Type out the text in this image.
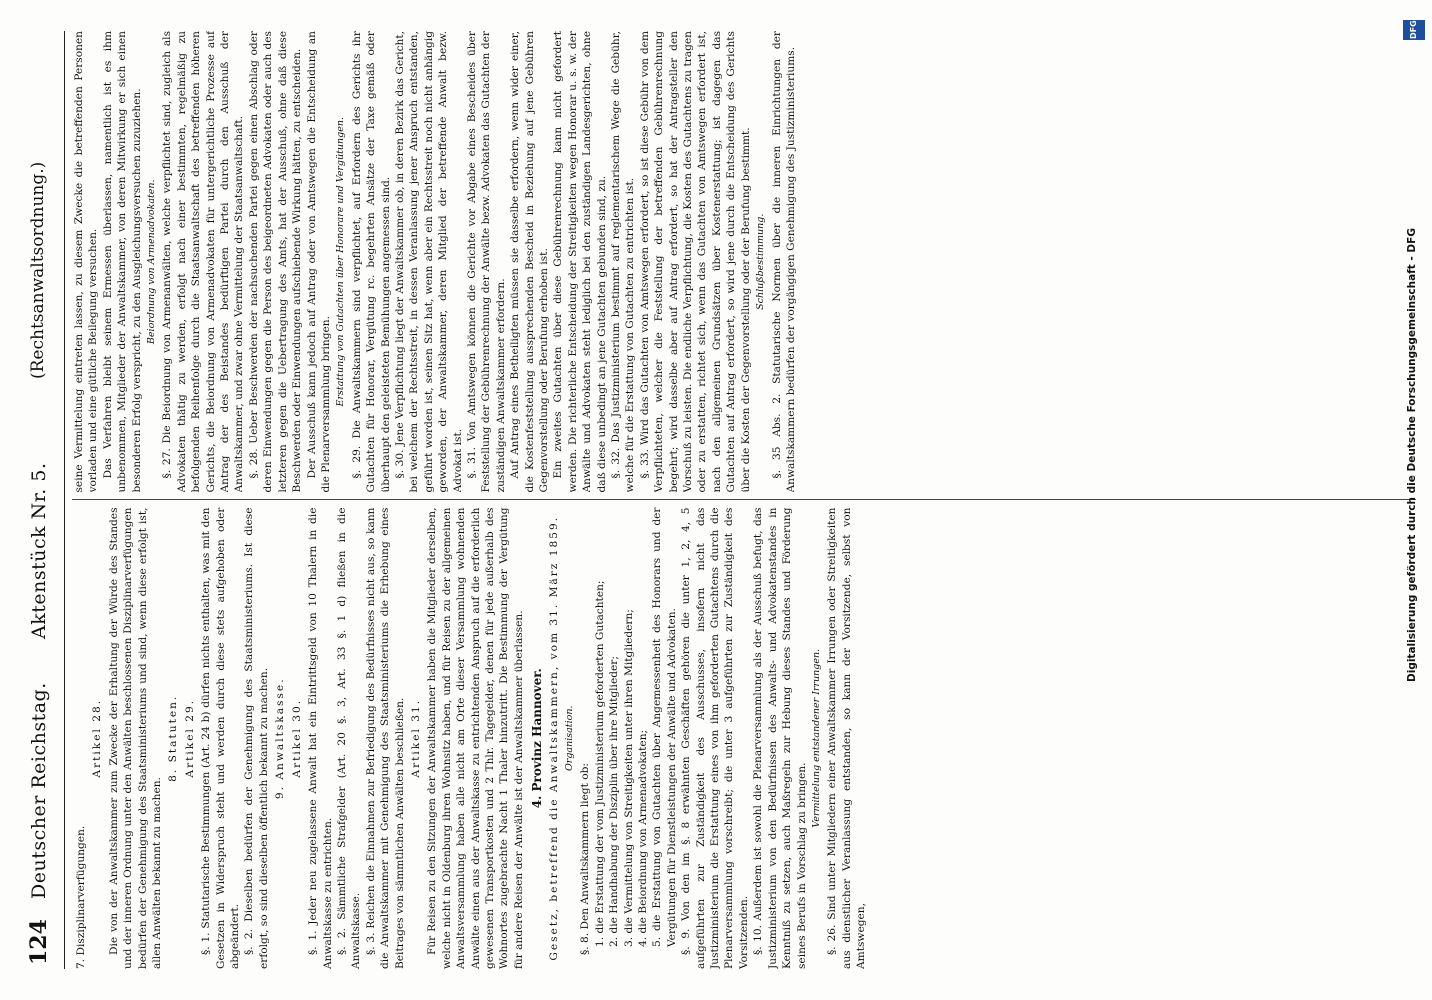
124
Deutscher Reichstag.
Aktenstück Nr. 5.
(Rechtsanwaltsordnung.)

7. Disziplinarverfügungen.

Artikel 28. Die von der Anwaltskammer zum Zwecke der Erhaltung der Würde des Standes und der inneren Ordnung unter den Anwälten beschlossenen Disziplinarverfügungen bedürfen der Genehmigung des Staatsministeriums und sind, wenn diese erfolgt ist, allen Anwälten bekannt zu machen.

8. Statuten. Artikel 29. §. 1. Statutarische Bestimmungen (Art. 24 b) dürfen nichts enthalten, was mit den Gesetzen in Widerspruch steht und werden durch diese stets aufgehoben oder abgeändert. §. 2. Dieselben bedürfen der Genehmigung des Staatsministeriums. Ist diese erfolgt, so sind dieselben öffentlich bekannt zu machen. 9. Anwaltskasse. Artikel 30. §. 1. Jeder neu zugelassene Anwalt hat ein Eintrittsgeld von 10 Thalern in die Anwaltskasse zu entrichten. §. 2. Sämmtliche Strafgelder (Art. 20 §. 3, Art. 33 §. 1 d) fließen in die Anwaltskasse. §. 3. Reichen die Einnahmen zur Befriedigung des Bedürfnisses nicht aus, so kann die Anwaltskammer mit Genehmigung des Staatsministeriums die Erhebung eines Beitrages von sämmtlichen Anwälten beschließen. Artikel 31. Für Reisen zu den Sitzungen der Anwaltskammer haben die Mitglieder derselben, welche nicht in Oldenburg ihren Wohnsitz haben, und für Reisen zu der allgemeinen Anwaltsversammlung haben alle nicht am Orte dieser Versammlung wohnenden Anwälte einen aus der Anwaltskasse zu entrichtenden Anspruch auf die erforderlich gewesenen Transportkosten und 2 Thlr. Tagegelder, denen für jede außerhalb des Wohnortes zugebrachte Nacht 1 Thaler hinzutritt. Die Bestimmung der Vergütung für andere Reisen der Anwälte ist der Anwaltskammer überlassen. 4. Provinz Hannover. Gesetz, betreffend die Anwaltskammern, vom 31. März 1859. Organisation.

§. 8. Den Anwaltskammern liegt ob: 1. die Erstattung der vom Justizministerium geforderten Gutachten; 2. die Handhabung der Disziplin über ihre Mitglieder; 3. die Vermittelung von Streitigkeiten unter ihren Mitgliedern; 4. die Beiordnung von Armenadvokaten; 5. die Erstattung von Gutachten über Angemessenheit des Honorars und der Vergütungen für Dienstleistungen der Anwälte und Advokaten. §. 9. Von den im §. 8 erwähnten Geschäften gehören die unter 1, 2, 4, 5 aufgeführten zur Zuständigkeit des Ausschusses, insofern nicht das Justizministerium die Erstattung eines von ihm geforderten Gutachtens durch die Plenarversammlung vorschreibt; die unter 3 aufgeführten zur Zuständigkeit des Vorsitzenden. §. 10. Außerdem ist sowohl die Plenarversammlung als der Ausschuß befugt, das Justizministerium von den Bedürfnissen des Anwalts- und Advokatenstandes in Kenntniß zu setzen, auch Maßregeln zur Hebung dieses Standes und Förderung seines Berufs in Vorschlag zu bringen.

Vermittelung entstandener Irrungen. §. 26. Sind unter Mitgliedern einer Anwaltskammer Irrungen oder Streitigkeiten aus dienstlicher Veranlassung entstanden, so kann der Vorsitzende, selbst von Amtswegen,

seine Vermittelung eintreten lassen, zu diesem Zwecke die betreffenden Personen vorladen und eine gütliche Beilegung versuchen. Das Verfahren bleibt seinem Ermessen überlassen, namentlich ist es ihm unbenommen, Mitglieder der Anwaltskammer, von deren Mitwirkung er sich einen besonderen Erfolg verspricht, zu den Ausgleichungsversuchen zuzuziehen. Beiordnung von Armenadvokaten. §. 27. Die Beiordnung von Armenanwälten, welche verpflichtet sind, zugleich als Advokaten thätig zu werden, erfolgt nach einer bestimmten, regelmäßig zu befolgenden Reihenfolge durch die Staatsanwaltschaft des betreffenden höheren Gerichts, die Beiordnung von Armenadvokaten für untergerichtliche Prozesse auf Antrag der des Beistandes bedürftigen Partei durch den Ausschuß der Anwaltskammer, und zwar ohne Vermittelung der Staatsanwaltschaft. §. 28. Ueber Beschwerden der nachsuchenden Partei gegen einen Abschlag oder deren Einwendungen gegen die Person des beigeordneten Advokaten oder auch des letzteren gegen die Uebertragung des Amts, hat der Ausschuß, ohne daß diese Beschwerden oder Einwendungen aufschiebende Wirkung hätten, zu entscheiden. Der Ausschuß kann jedoch auf Antrag oder von Amtswegen die Entscheidung an die Plenarversammlung bringen. Erstattung von Gutachten über Honorare und Vergütungen. §. 29. Die Anwaltskammern sind verpflichtet, auf Erfordern des Gerichts ihr Gutachten für Honorar, Vergütung rc. begehrten Ansätze der Taxe gemäß oder überhaupt den geleisteten Bemühungen angemessen sind. §. 30. Jene Verpflichtung liegt der Anwaltskammer ob, in deren Bezirk das Gericht, bei welchem der Rechtsstreit, in dessen Veranlassung jener Anspruch entstanden, geführt worden ist, seinen Sitz hat, wenn aber ein Rechtsstreit noch nicht anhängig geworden, der Anwaltskammer, deren Mitglied der betreffende Anwalt bezw. Advokat ist. §. 31. Von Amtswegen können die Gerichte vor Abgabe eines Bescheides über Feststellung der Gebührenrechnung der Anwälte bezw. Advokaten das Gutachten der zuständigen Anwaltskammer erfordern. Auf Antrag eines Betheiligten müssen sie dasselbe erfordern, wenn wider einer, die Kostenfeststellung aussprechenden Bescheid in Beziehung auf jene Gebühren Gegenvorstellung oder Berufung erhoben ist. Ein zweites Gutachten über diese Gebührenrechnung kann nicht gefordert werden. Die richterliche Entscheidung der Streitigkeiten wegen Honorar u. s. w. der Anwälte und Advokaten steht lediglich bei den zuständigen Landesgerichten, ohne daß diese unbedingt an jene Gutachten gebunden sind, zu. §. 32. Das Justizministerium bestimmt auf reglementarischem Wege die Gebühr, welche für die Erstattung von Gutachten zu entrichten ist. §. 33. Wird das Gutachten von Amtswegen erfordert, so ist diese Gebühr von dem Verpflichteten, welcher die Feststellung der betreffenden Gebührenrechnung begehrt; wird dasselbe aber auf Antrag erfordert, so hat der Antragsteller den Vorschuß zu leisten. Die endliche Verpflichtung, die Kosten des Gutachtens zu tragen oder zu erstatten, richtet sich, wenn das Gutachten von Amtswegen erfordert ist, nach den allgemeinen Grundsätzen über Kostenerstattung; ist dagegen das Gutachten auf Antrag erfordert, so wird jene durch die Entscheidung des Gerichts über die Kosten der Gegenvorstellung oder der Berufung bestimmt. Schlußbestimmung. §. 35 Abs. 2. Statutarische Normen über die inneren Einrichtungen der Anwaltskammern bedürfen der vorgängigen Genehmigung des Justizministeriums.

DFG
Digitalisierung gefördert durch die Deutsche Forschungsgemeinschaft - DFG
